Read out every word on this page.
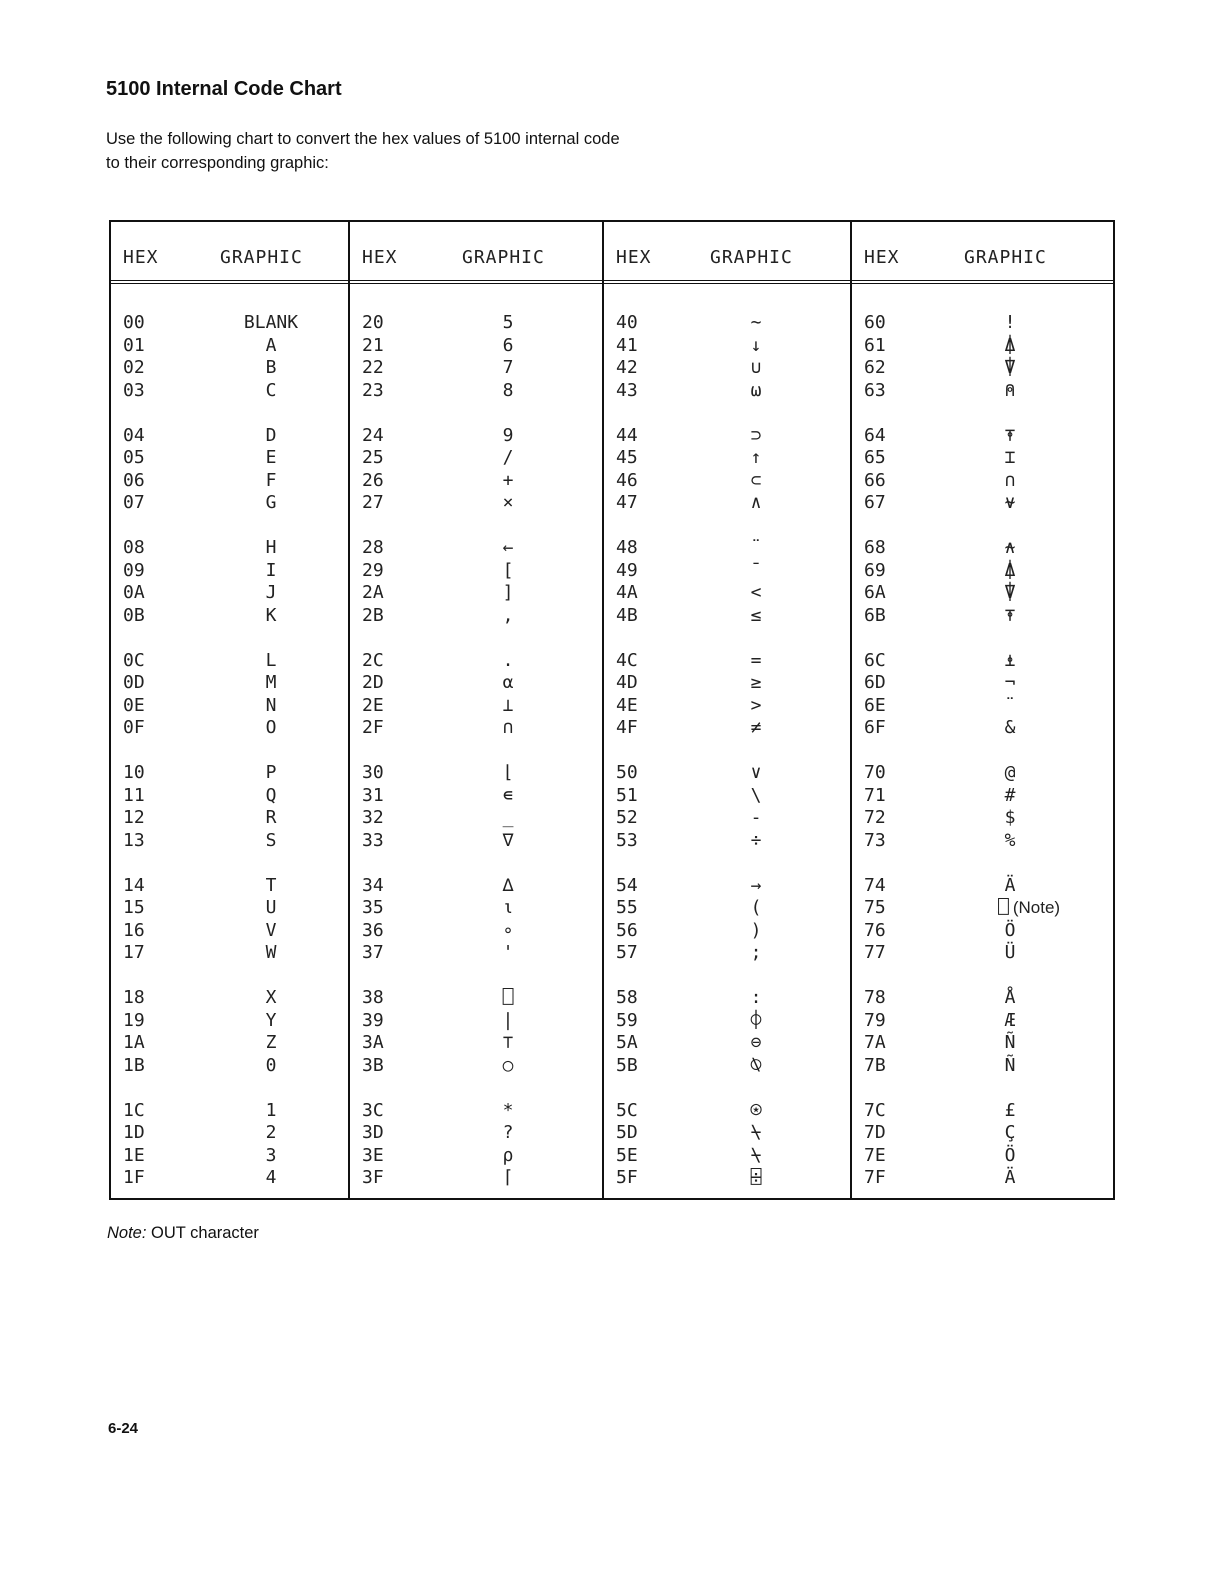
5100 Internal Code Chart
Use the following chart to convert the hex values of 5100 internal code to their corresponding graphic:
HEX	GRAPHIC
00	BLANK
01	A
02	B
03	C
04	D
05	E
06	F
07	G
08	H
09	I
0A	J
0B	K
0C	L
0D	M
0E	N
0F	O
10	P
11	Q
12	R
13	S
14	T
15	U
16	V
17	W
18	X
19	Y
1A	Z
1B	0
1C	1
1D	2
1E	3
1F	4
HEX	GRAPHIC
20	5
21	6
22	7
23	8
24	9
25	/
26	+
27	×
28	←
29	[
2A	]
2B	,
2C	.
2D	α
2E	⊥
2F	∩
30	⌊
31	∊
32	_
33	∇
34	∆
35	⍳
36	∘
37	'
38	⎕
39	∣
3A	⊤
3B	○
3C	*
3D	?
3E	⍴
3F	⌈
HEX	GRAPHIC
40	∼
41	↓
42	∪
43	⍵
44	⊃
45	↑
46	⊂
47	∧
48	¨
49	¯
4A	<
4B	≤
4C	=
4D	≥
4E	>
4F	≠
50	∨
51	\
52	-
53	÷
54	→
55	(
56	)
57	;
58	:
59	⌽
5A	⊖
5B	⍉
5C	⍟
5D	⍀
5E	⍀
5F	⌹
HEX	GRAPHIC
60	!
61	⍋
62	⍒
63	⍝
64	⍕
65	⌶
66	∩
67	⍱
68	⍲
69	⍋
6A	⍒
6B	⍕
6C	⍎
6D	¬
6E	¨
6F	&
70	@
71	#
72	$
73	%
74	Ä
75	⎕ (Note)
76	Ö
77	Ü
78	Å
79	Æ
7A	Ñ
7B	Ñ
7C	£
7D	Ç
7E	Ö
7F	Ä
Note: OUT character
6-24
